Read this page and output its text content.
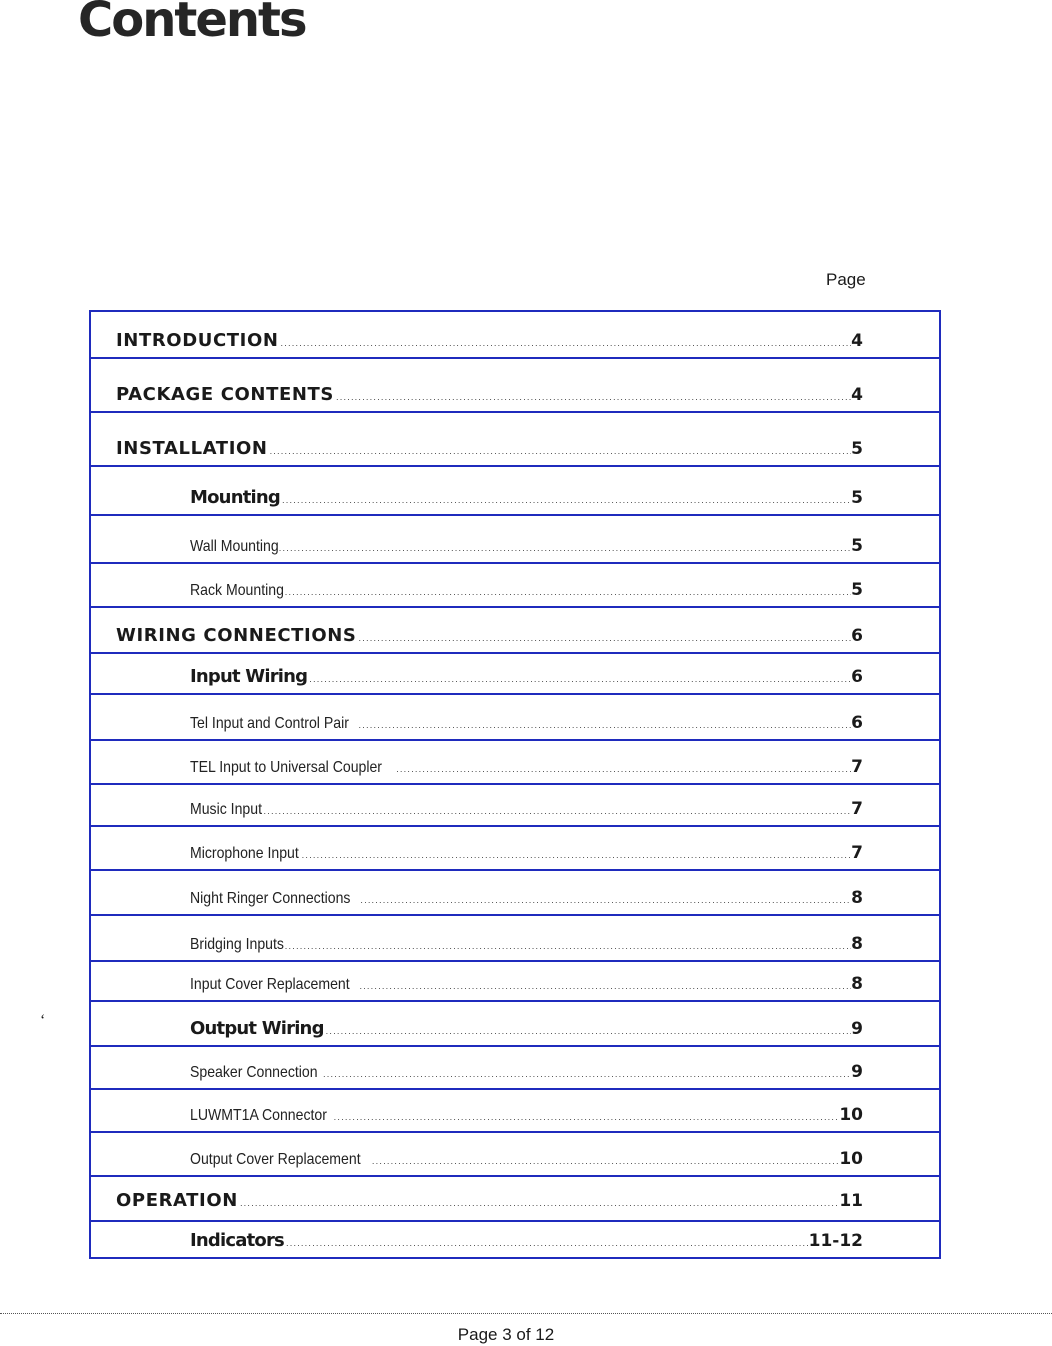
Contents
Page
INTRODUCTION .....	4
PACKAGE CONTENTS .....	4
INSTALLATION .....	5
Mounting .....	5
Wall Mounting .....	5
Rack Mounting .....	5
WIRING CONNECTIONS .....	6
Input Wiring .....	6
Tel Input and Control Pair .....	6
TEL Input to Universal Coupler .....	7
Music Input .....	7
Microphone Input .....	7
Night Ringer Connections .....	8
Bridging Inputs .....	8
Input Cover Replacement .....	8
Output Wiring .....	9
Speaker Connection .....	9
LUWMT1A Connector .....	10
Output Cover Replacement .....	10
OPERATION .....	11
Indicators .....	11-12
‘
Page 3 of 12
